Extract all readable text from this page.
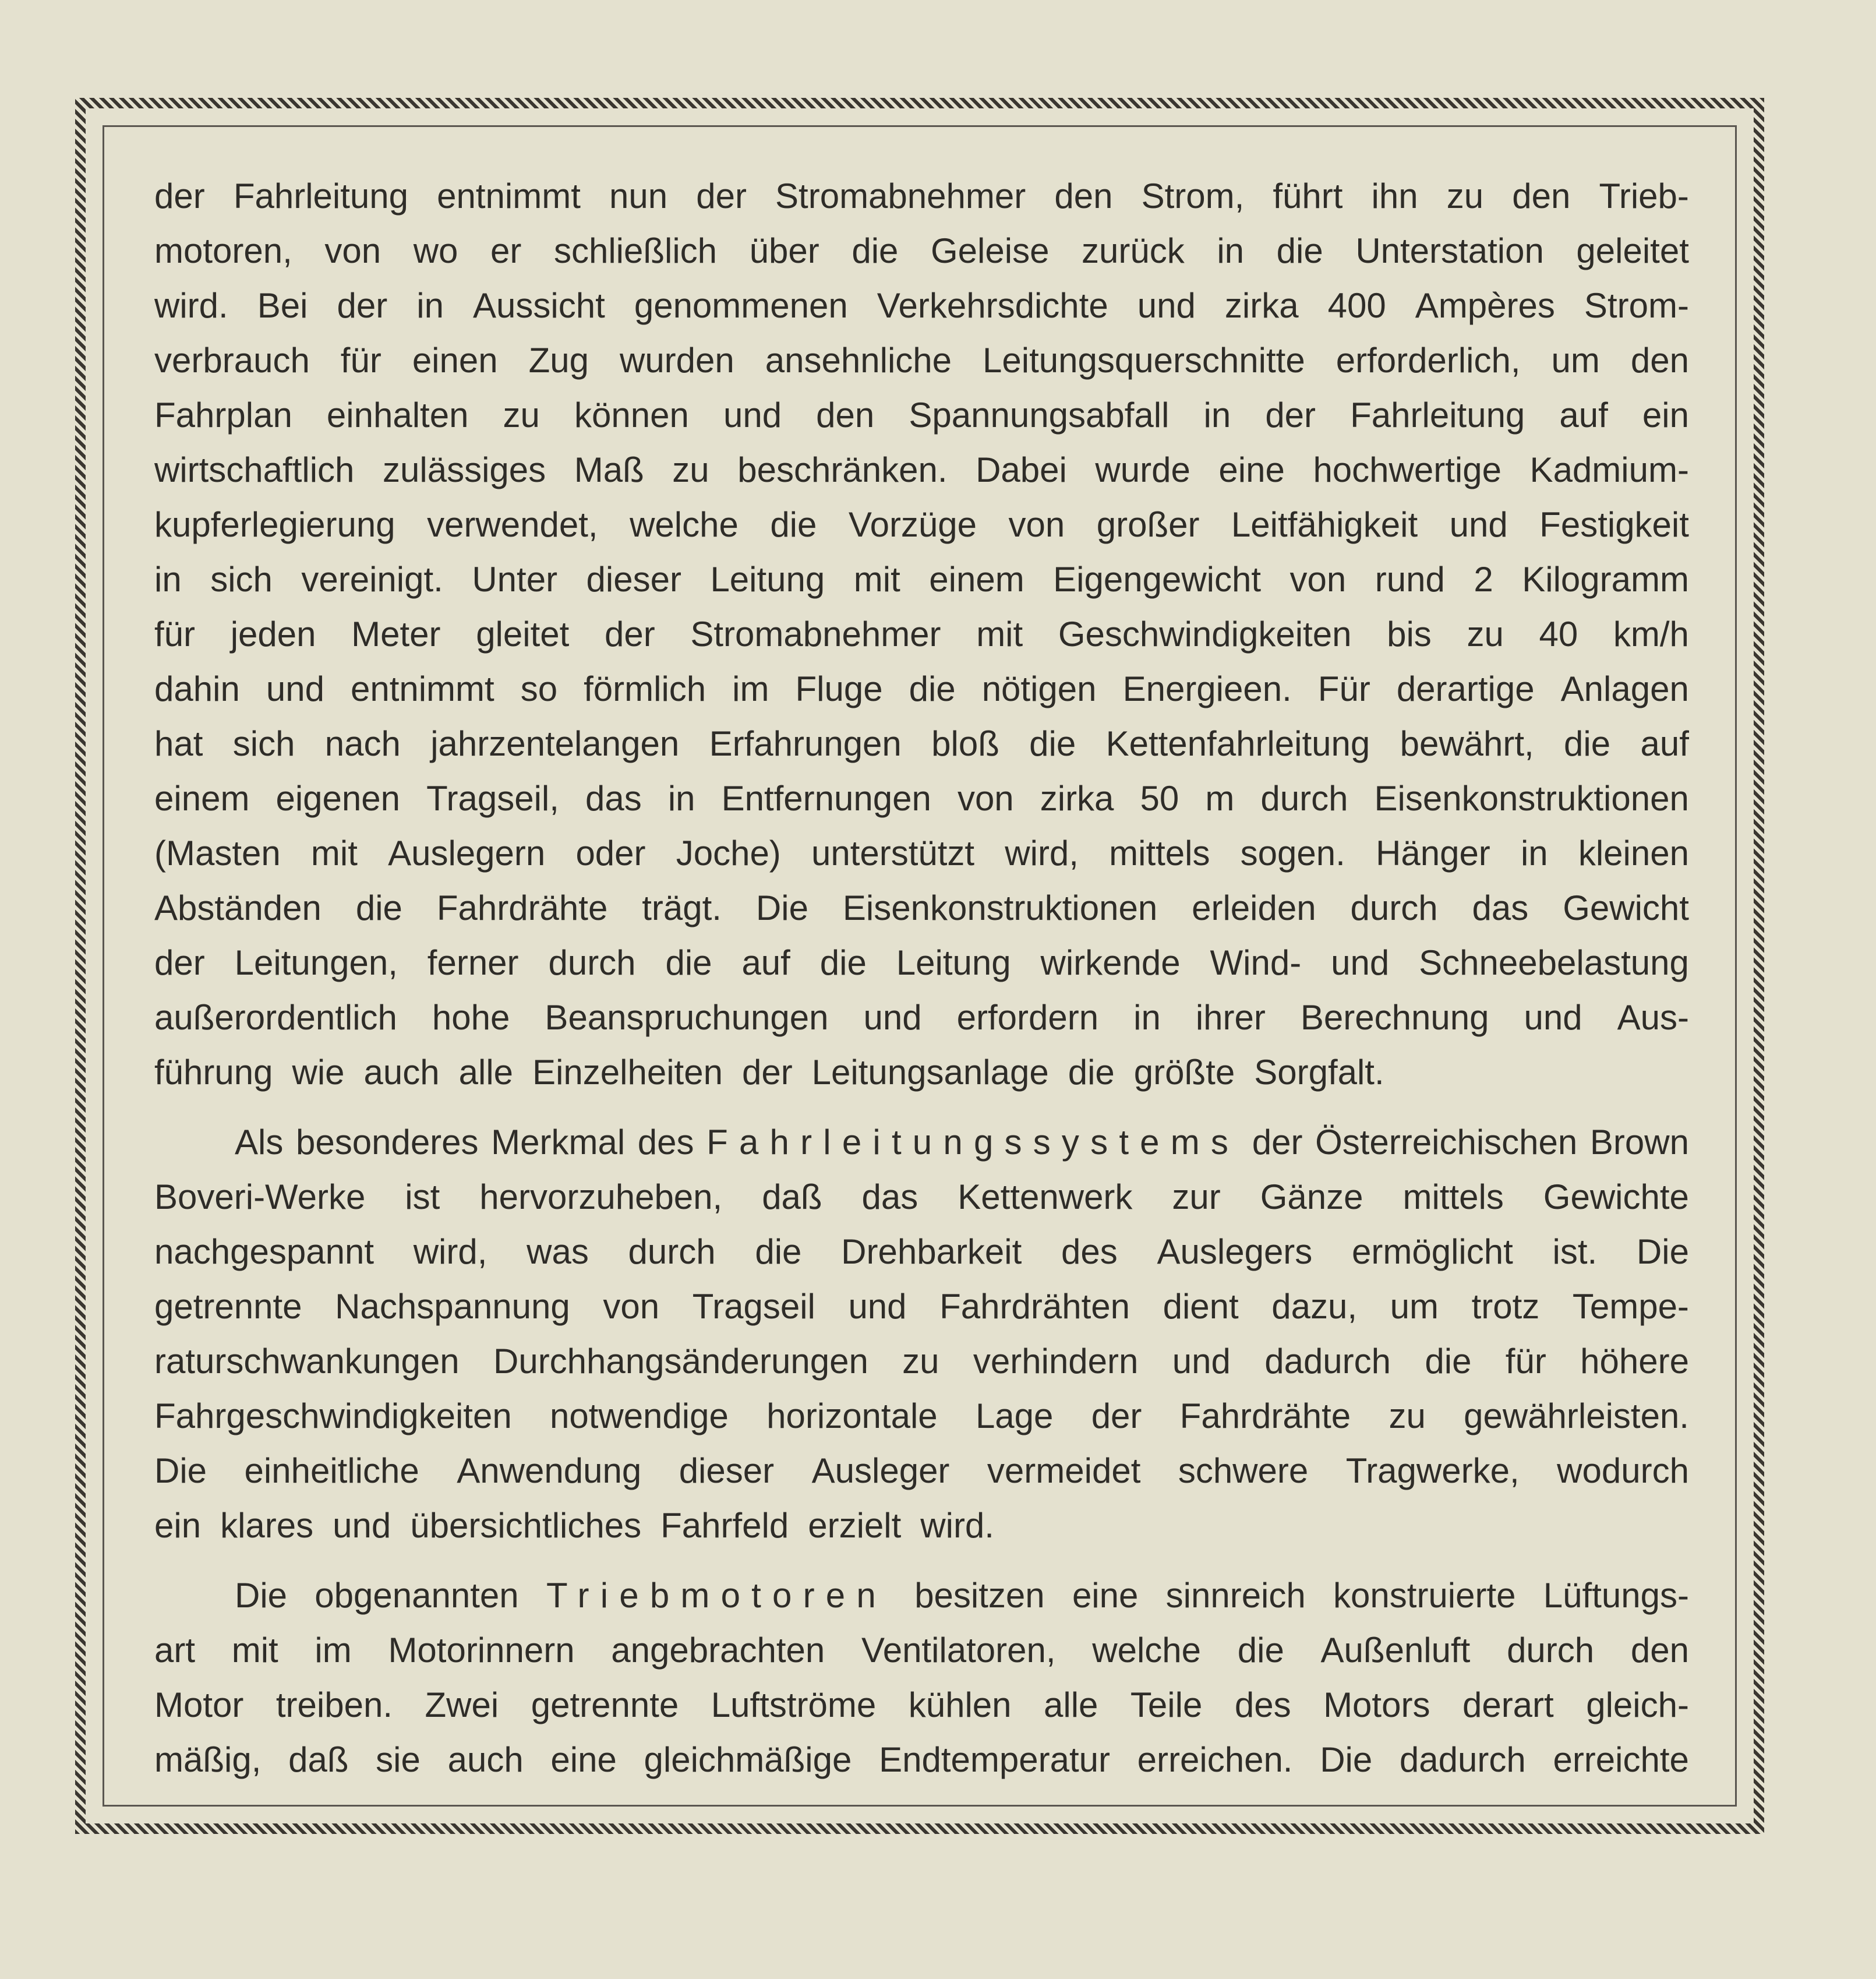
der Fahrleitung entnimmt nun der Stromabnehmer den Strom, führt ihn zu den Trieb-
motoren, von wo er schließlich über die Geleise zurück in die Unterstation geleitet
wird. Bei der in Aussicht genommenen Verkehrsdichte und zirka 400 Ampères Strom-
verbrauch für einen Zug wurden ansehnliche Leitungsquerschnitte erforderlich, um den
Fahrplan einhalten zu können und den Spannungsabfall in der Fahrleitung auf ein
wirtschaftlich zulässiges Maß zu beschränken. Dabei wurde eine hochwertige Kadmium-
kupferlegierung verwendet, welche die Vorzüge von großer Leitfähigkeit und Festigkeit
in sich vereinigt. Unter dieser Leitung mit einem Eigengewicht von rund 2 Kilogramm
für jeden Meter gleitet der Stromabnehmer mit Geschwindigkeiten bis zu 40 km/h
dahin und entnimmt so förmlich im Fluge die nötigen Energieen. Für derartige Anlagen
hat sich nach jahrzentelangen Erfahrungen bloß die Kettenfahrleitung bewährt, die auf
einem eigenen Tragseil, das in Entfernungen von zirka 50 m durch Eisenkonstruktionen
(Masten mit Auslegern oder Joche) unterstützt wird, mittels sogen. Hänger in kleinen
Abständen die Fahrdrähte trägt. Die Eisenkonstruktionen erleiden durch das Gewicht
der Leitungen, ferner durch die auf die Leitung wirkende Wind- und Schneebelastung
außerordentlich hohe Beanspruchungen und erfordern in ihrer Berechnung und Aus-
führung wie auch alle Einzelheiten der Leitungsanlage die größte Sorgfalt.
Als besonderes Merkmal des Fahrleitungssystems der Österreichischen Brown
Boveri-Werke ist hervorzuheben, daß das Kettenwerk zur Gänze mittels Gewichte
nachgespannt wird, was durch die Drehbarkeit des Auslegers ermöglicht ist. Die
getrennte Nachspannung von Tragseil und Fahrdrähten dient dazu, um trotz Tempe-
raturschwankungen Durchhangsänderungen zu verhindern und dadurch die für höhere
Fahrgeschwindigkeiten notwendige horizontale Lage der Fahrdrähte zu gewährleisten.
Die einheitliche Anwendung dieser Ausleger vermeidet schwere Tragwerke, wodurch
ein klares und übersichtliches Fahrfeld erzielt wird.
Die obgenannten Triebmotoren besitzen eine sinnreich konstruierte Lüftungs-
art mit im Motorinnern angebrachten Ventilatoren, welche die Außenluft durch den
Motor treiben. Zwei getrennte Luftströme kühlen alle Teile des Motors derart gleich-
mäßig, daß sie auch eine gleichmäßige Endtemperatur erreichen. Die dadurch erreichte
